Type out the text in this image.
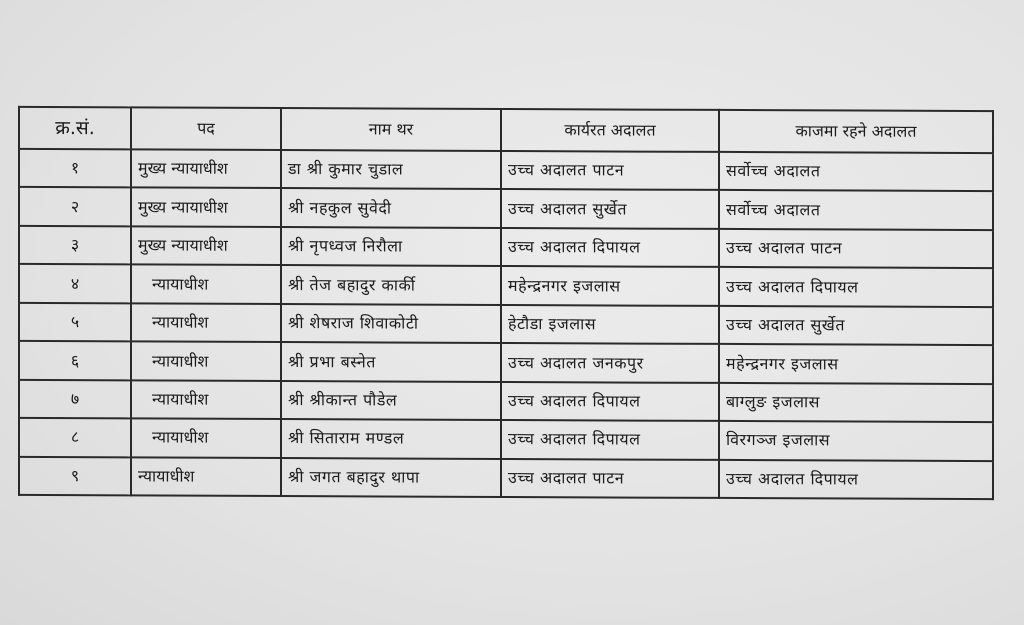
क्र.सं.	पद	नाम थर	कार्यरत अदालत	काजमा रहने अदालत
१	मुख्य न्यायाधीश	डा श्री कुमार चुडाल	उच्च अदालत पाटन	सर्वोच्च अदालत
२	मुख्य न्यायाधीश	श्री नहकुल सुवेदी	उच्च अदालत सुर्खेत	सर्वोच्च अदालत
३	मुख्य न्यायाधीश	श्री नृपध्वज निरौला	उच्च अदालत दिपायल	उच्च अदालत पाटन
४	न्यायाधीश	श्री तेज बहादुर कार्की	महेन्द्रनगर इजलास	उच्च अदालत दिपायल
५	न्यायाधीश	श्री शेषराज शिवाकोटी	हेटौडा इजलास	उच्च अदालत सुर्खेत
६	न्यायाधीश	श्री प्रभा बस्नेत	उच्च अदालत जनकपुर	महेन्द्रनगर इजलास
७	न्यायाधीश	श्री श्रीकान्त पौडेल	उच्च अदालत दिपायल	बाग्लुङ इजलास
८	न्यायाधीश	श्री सिताराम मण्डल	उच्च अदालत दिपायल	विरगञ्ज इजलास
९	न्यायाधीश	श्री जगत बहादुर थापा	उच्च अदालत पाटन	उच्च अदालत दिपायल
